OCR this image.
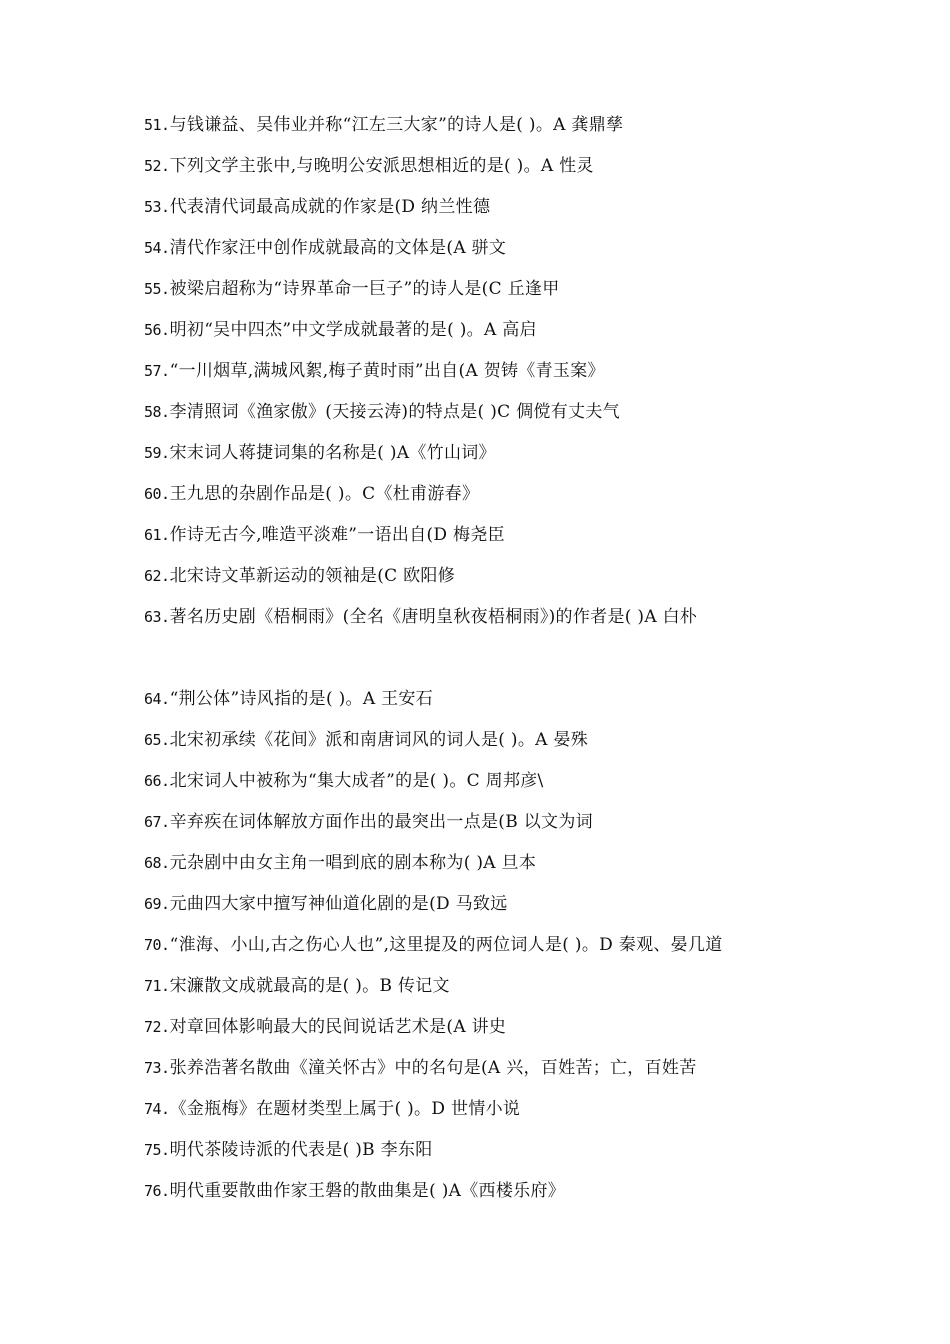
51. 与钱谦益、吴伟业并称“江左三大家”的诗人是( )。A 龚鼎孳
52. 下列文学主张中,与晚明公安派思想相近的是( )。A 性灵
53. 代表清代词最高成就的作家是(D 纳兰性德
54. 清代作家汪中创作成就最高的文体是(A 骈文
55. 被梁启超称为“诗界革命一巨子”的诗人是(C 丘逢甲
56. 明初“吴中四杰”中文学成就最著的是( )。A 高启
57. “一川烟草,满城风絮,梅子黄时雨”出自(A 贺铸《青玉案》
58. 李清照词《渔家傲》(天接云涛)的特点是( )C 倜傥有丈夫气
59. 宋末词人蒋捷词集的名称是( )A《竹山词》
60. 王九思的杂剧作品是( )。C《杜甫游春》
61. 作诗无古今,唯造平淡难”一语出自(D 梅尧臣
62. 北宋诗文革新运动的领袖是(C 欧阳修
63. 著名历史剧《梧桐雨》(全名《唐明皇秋夜梧桐雨》)的作者是( )A 白朴
64. “荆公体”诗风指的是( )。A 王安石
65. 北宋初承续《花间》派和南唐词风的词人是( )。A 晏殊
66. 北宋词人中被称为“集大成者”的是( )。C 周邦彦\
67. 辛弃疾在词体解放方面作出的最突出一点是(B 以文为词
68. 元杂剧中由女主角一唱到底的剧本称为( )A 旦本
69. 元曲四大家中擅写神仙道化剧的是(D 马致远
70. “淮海、小山,古之伤心人也”,这里提及的两位词人是( )。D 秦观、晏几道
71. 宋濂散文成就最高的是( )。B 传记文
72. 对章回体影响最大的民间说话艺术是(A 讲史
73. 张养浩著名散曲《潼关怀古》中的名句是(A 兴，百姓苦；亡，百姓苦
74. 《金瓶梅》在题材类型上属于( )。D 世情小说
75. 明代茶陵诗派的代表是( )B 李东阳
76. 明代重要散曲作家王磐的散曲集是( )A《西楼乐府》
